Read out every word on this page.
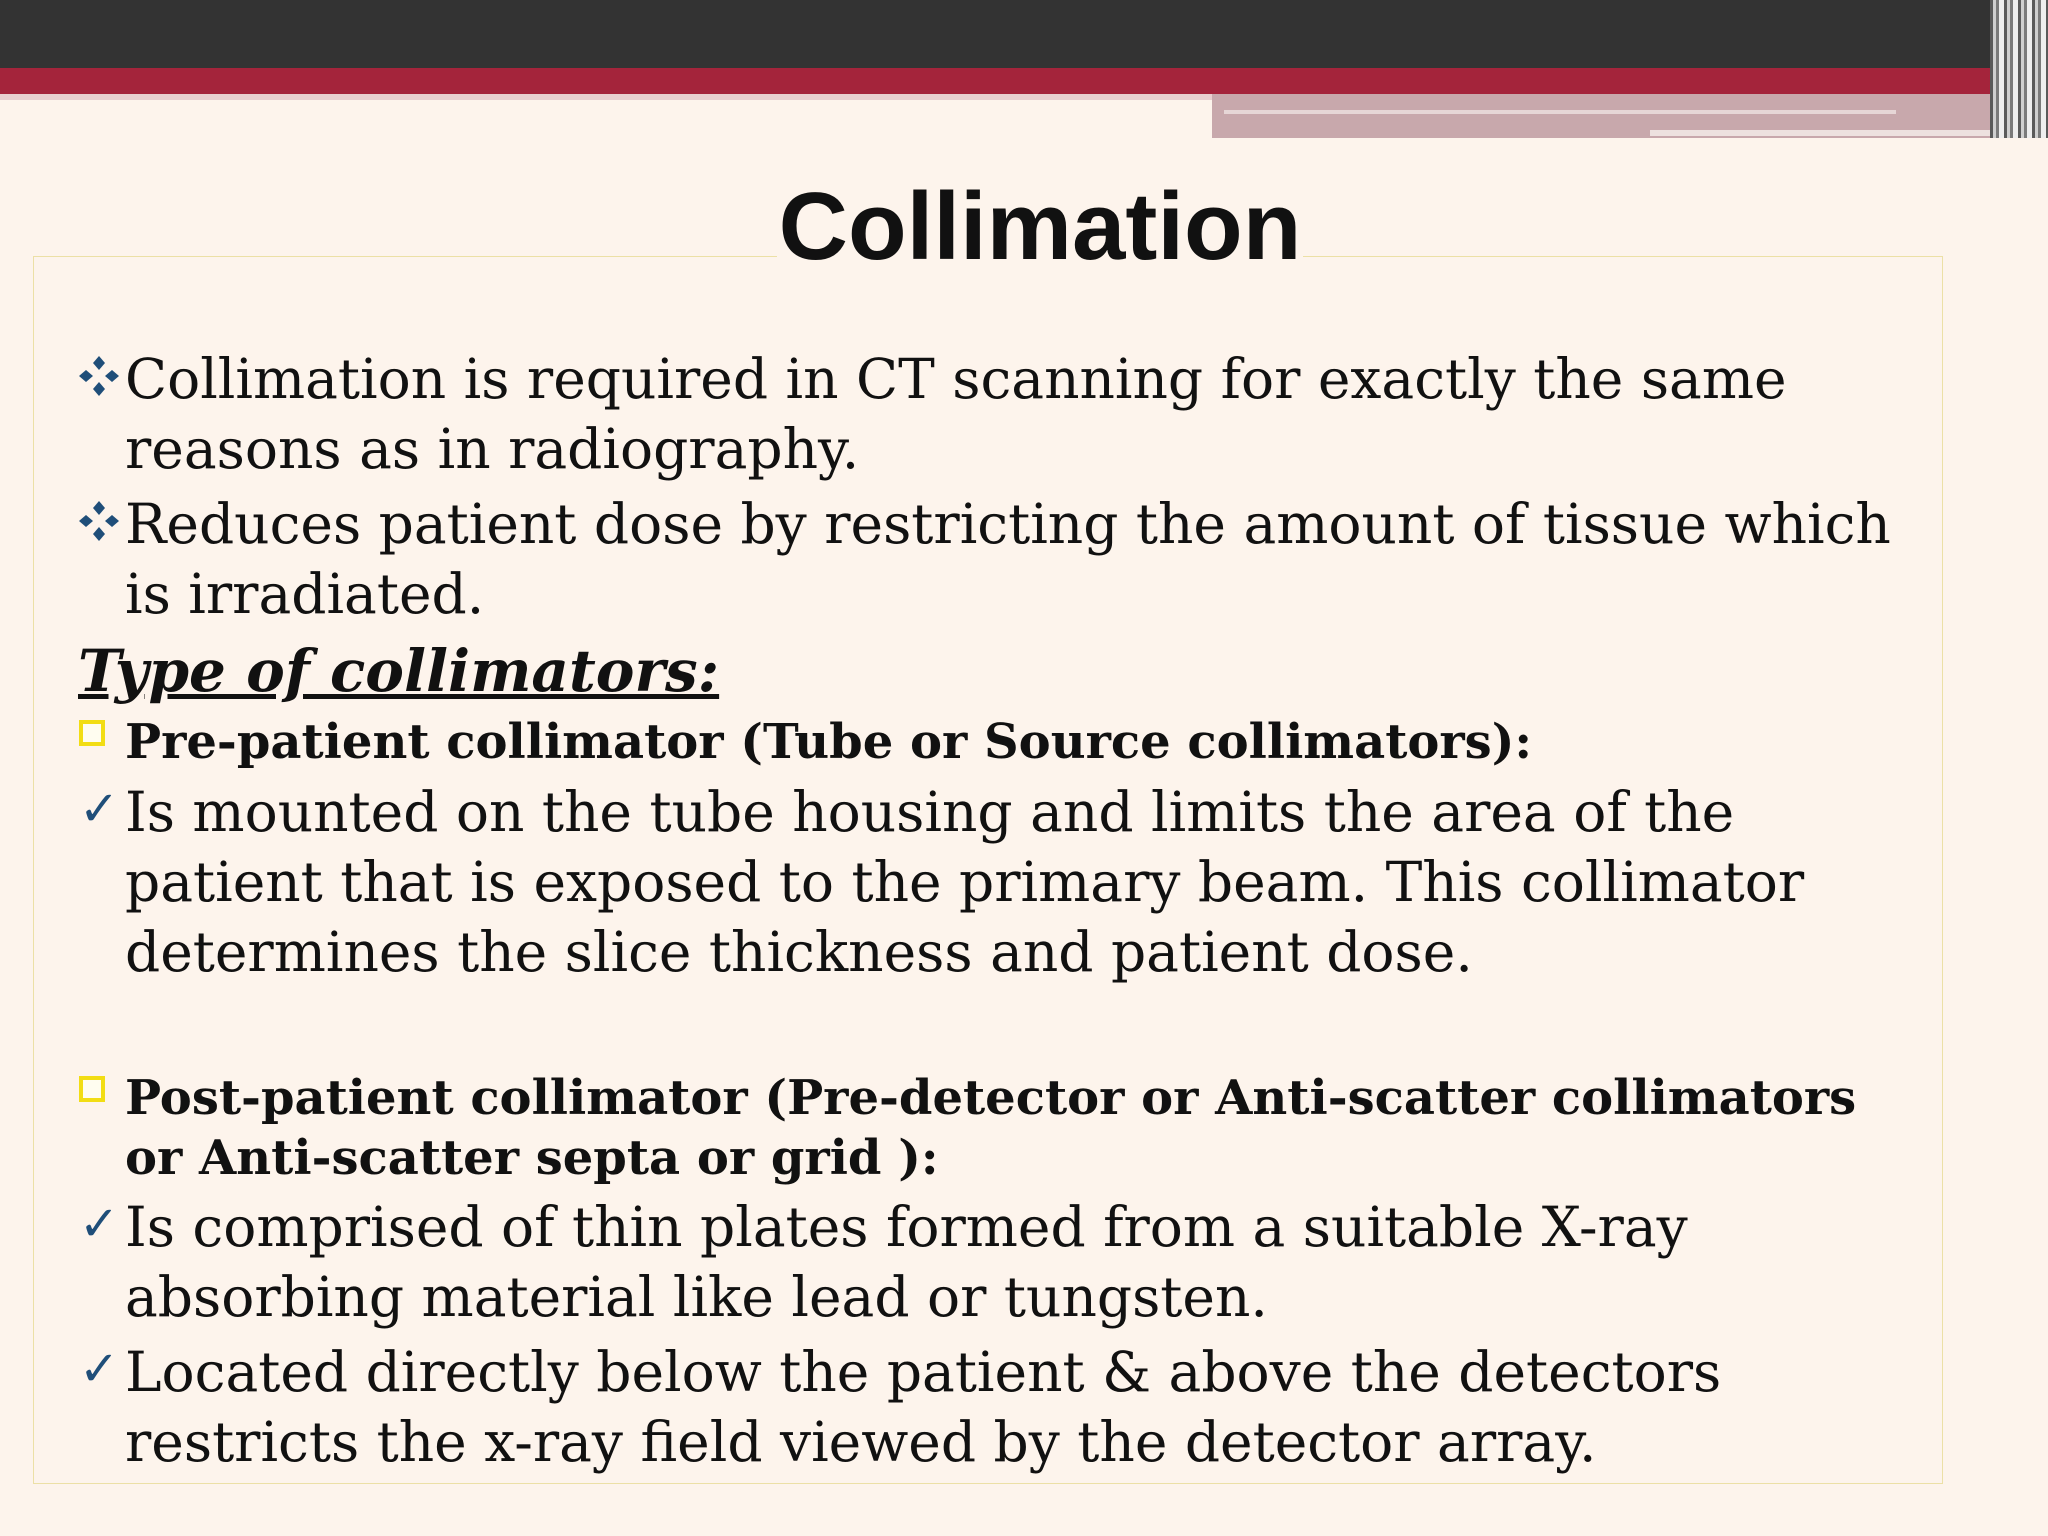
Collimation

Collimation is required in CT scanning for exactly the same reasons as in radiography.

Reduces patient dose by restricting the amount of tissue which is irradiated.

Type of collimators:
Pre-patient collimator (Tube or Source collimators):

✓ Is mounted on the tube housing and limits the area of the patient that is exposed to the primary beam. This collimator determines the slice thickness and patient dose.

Post-patient collimator (Pre-detector or Anti-scatter collimators or Anti-scatter septa or grid ):

✓ Is comprised of thin plates formed from a suitable X-ray absorbing material like lead or tungsten.

✓ Located directly below the patient & above the detectors restricts the x-ray field viewed by the detector array.
